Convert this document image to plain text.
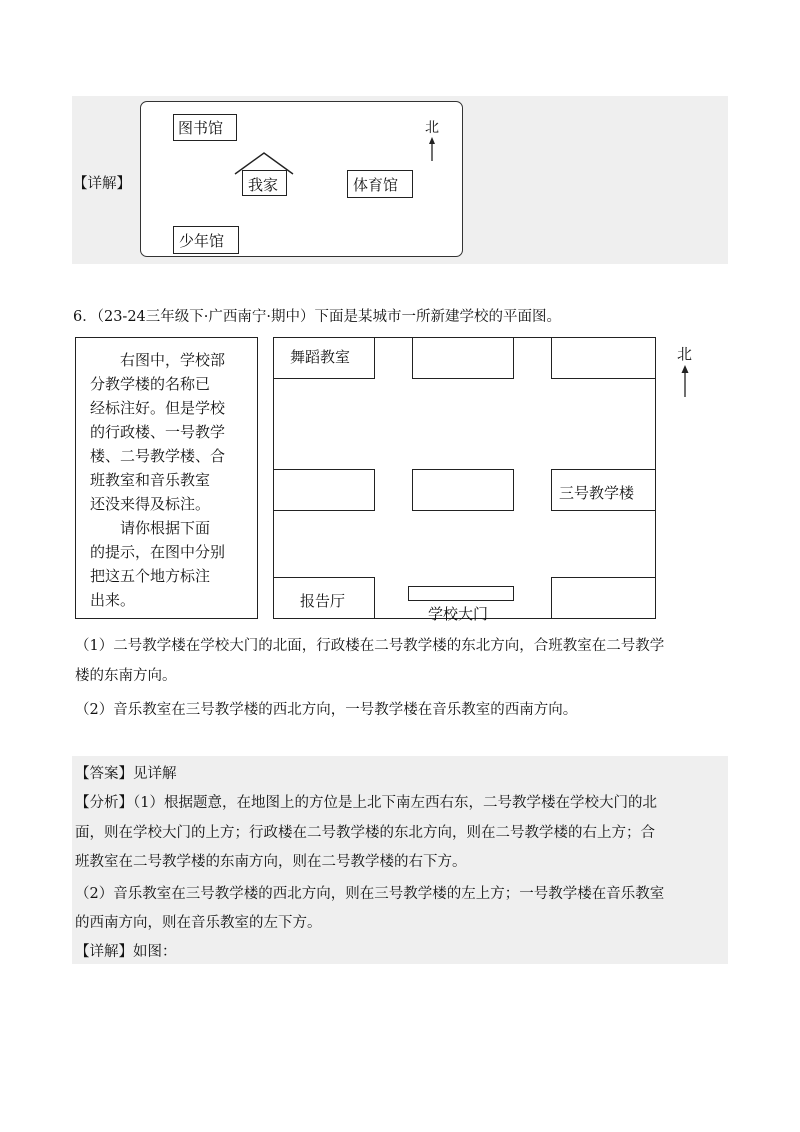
【详解】
图书馆
我家	体育馆
少年馆
北
6．（23-24三年级下·广西南宁·期中）下面是某城市一所新建学校的平面图。
右图中，学校部
分教学楼的名称已
经标注好。但是学校
的行政楼、一号教学
楼、二号教学楼、合
班教室和音乐教室
还没来得及标注。
请你根据下面
的提示，在图中分别
把这五个地方标注
出来。
舞蹈教室
三号教学楼
报告厅
学校大门
北
（1）二号教学楼在学校大门的北面，行政楼在二号教学楼的东北方向，合班教室在二号教学
楼的东南方向。
（2）音乐教室在三号教学楼的西北方向，一号教学楼在音乐教室的西南方向。
【答案】见详解
【分析】（1）根据题意，在地图上的方位是上北下南左西右东，二号教学楼在学校大门的北
面，则在学校大门的上方；行政楼在二号教学楼的东北方向，则在二号教学楼的右上方；合
班教室在二号教学楼的东南方向，则在二号教学楼的右下方。
（2）音乐教室在三号教学楼的西北方向，则在三号教学楼的左上方；一号教学楼在音乐教室
的西南方向，则在音乐教室的左下方。
【详解】如图：
